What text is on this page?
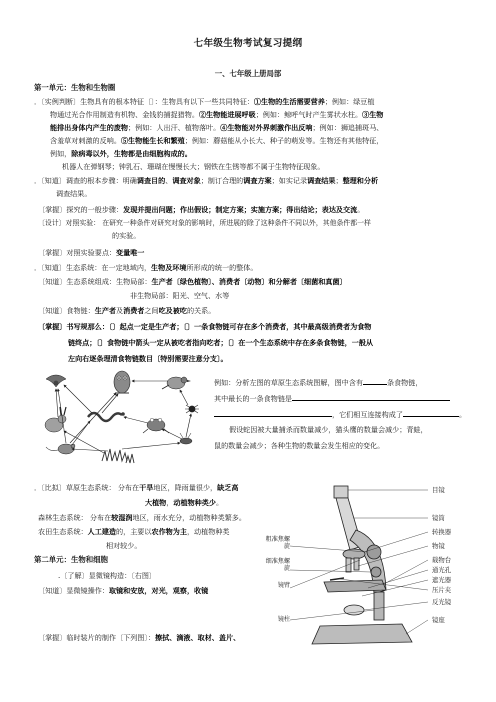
七年级生物考试复习提纲
一、七年级上册局部
第一单元：生物和生物圈
．〔实例判断〕生物具有的根本特征〔〕：生物具有以下一些共同特征：①生物的生活需要营养；例如：绿豆植
物通过光合作用制造有机物、金钱豹捕捉猎物。②生物能进展呼吸；例如：鲸呼气时产生雾状水柱。③生物
能排出身体内产生的废物；例如：人出汗、植物落叶。④生物能对外界刺激作出反响；例如：狮追捕斑马、
含羞草对刺激的反响。⑤生物能生长和繁殖；例如：蘑菇能从小长大、种子的萌发等。生物还有其他特征，
例如，除病毒以外，生物都是由细胞构成的。
机器人在弹钢琴；钟乳石、珊瑚在慢慢长大；钢铁在生锈等都不属于生物特征现象。
．〔知道〕调查的根本步骤：明确调查目的、调查对象；制订合理的调查方案；如实记录调查结果；整理和分析
调查结果。
〔掌握〕探究的一般步骤：发现并提出问题；作出假设；制定方案；实施方案；得出结论；表达及交流。
〔设计〕对照实验： 在研究一种条件对研究对象的影响时，所进展的除了这种条件不同以外，其他条件都一样
的实验。
〔掌握〕对照实验要点：变量唯一
．〔知道〕生态系统：在一定地域内，生物及环境所形成的统一的整体。
〔知道〕生态系统组成：生物局部：生产者〔绿色植物〕、消费者〔动物〕和分解者〔细菌和真菌〕
非生物局部：阳光、空气、水等
〔知道〕食物链：生产者及消费者之间吃及被吃的关系。
〔掌握〕书写规那么：〔〕起点一定是生产者；〔〕一条食物链可存在多个消费者，其中最高级消费者为食物
链终点；〔〕食物链中箭头一定从被吃者指向吃者；〔〕在一个生态系统中存在多条食物链，一般从
左向右逐条理清食物链数目〔特别需要注意分支〕。
例如：分析左图的草原生态系统图解，图中含有	条食物链，
其中最长的一条食物链是
，它们相互连接构成了	。
假设蛇因被大量捕杀而数量减少，猫头鹰的数量会减少；青蛙，
鼠的数量会减少；各种生物的数量会发生相应的变化。
．〔比拟〕草原生态系统： 分布在干旱地区，降雨量很少，缺乏高
大植物，动植物种类少。
森林生态系统： 分布在较湿润地区，雨水充分，动植物种类繁多。
农田生态系统：人工建造的，主要以农作物为主，动植物种类
相对较少。
第二单元：生物和细胞
.〔了解〕显微镜构造：〔右图〕
〔知道〕显微镜操作：取镜和安放，对光，观察，收镜
〔掌握〕临时装片的制作〔下列图〕：擦拭、滴液、取材、盖片、
目镜
镜筒
转换器
物镜
载物台
通光孔
遮光器
压片夹
反光镜
镜座
粗准焦螺旋
细准焦螺旋
镜臂
镜柱
